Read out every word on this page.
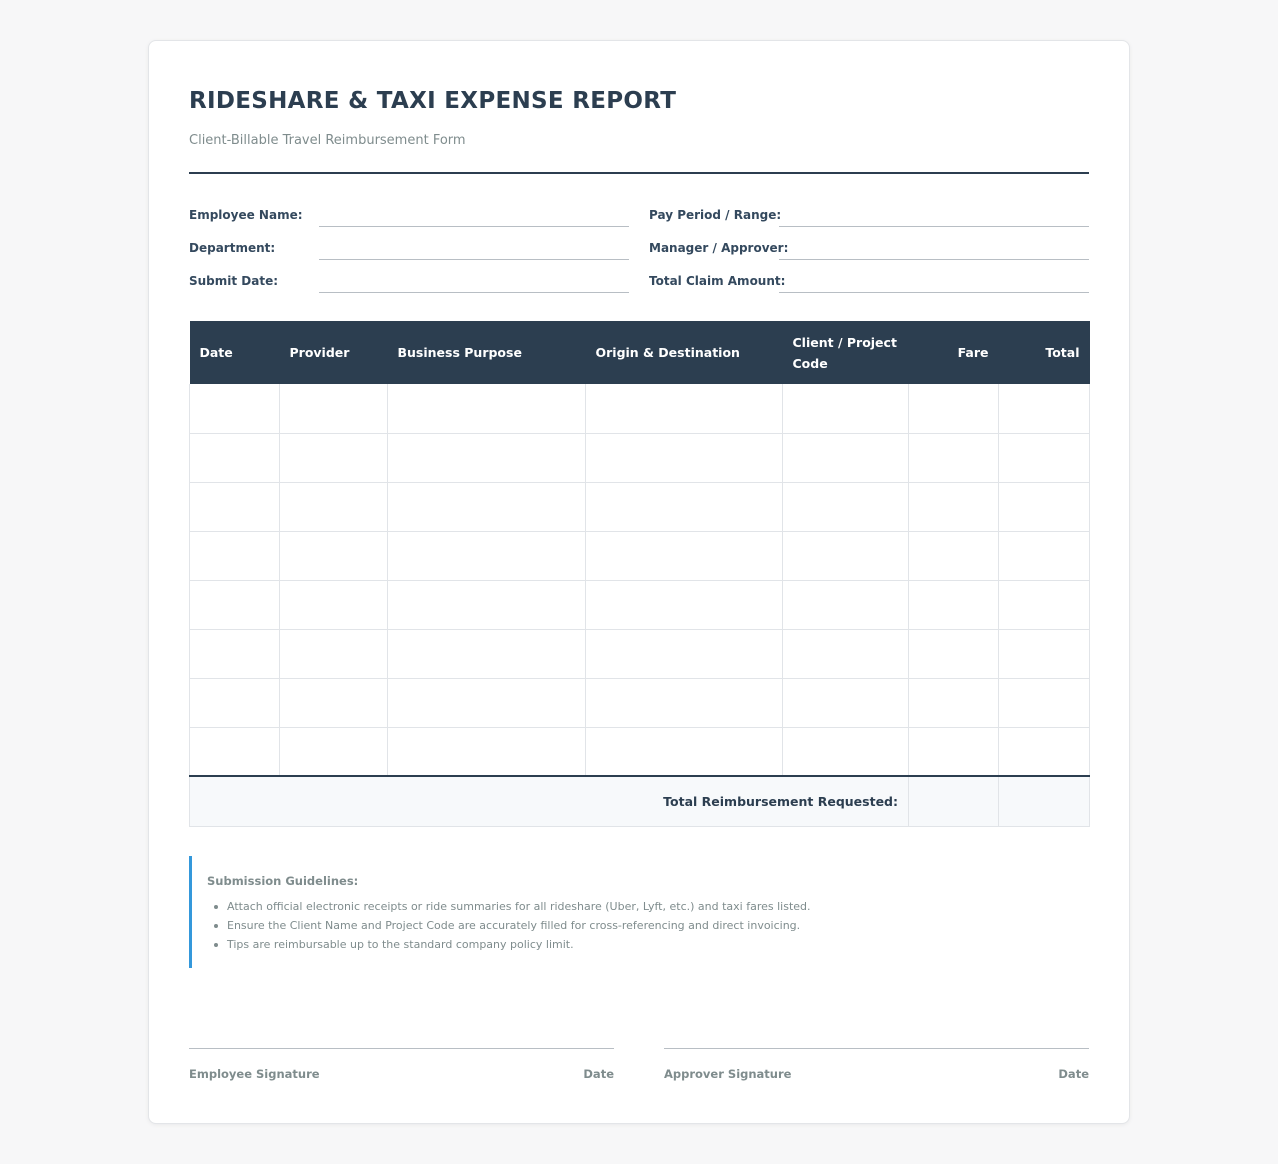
RIDESHARE & TAXI EXPENSE REPORT
Client-Billable Travel Reimbursement Form
Employee Name:
Department:
Submit Date:
Pay Period / Range:
Manager / Approver:
Total Claim Amount:
Date	Provider	Business Purpose	Origin & Destination	Client / Project Code	Fare	Total

Total Reimbursement Requested:						
Submission Guidelines:
Attach official electronic receipts or ride summaries for all rideshare (Uber, Lyft, etc.) and taxi fares listed.
Ensure the Client Name and Project Code are accurately filled for cross-referencing and direct invoicing.
Tips are reimbursable up to the standard company policy limit.
Employee Signature	Date	Approver Signature	Date
